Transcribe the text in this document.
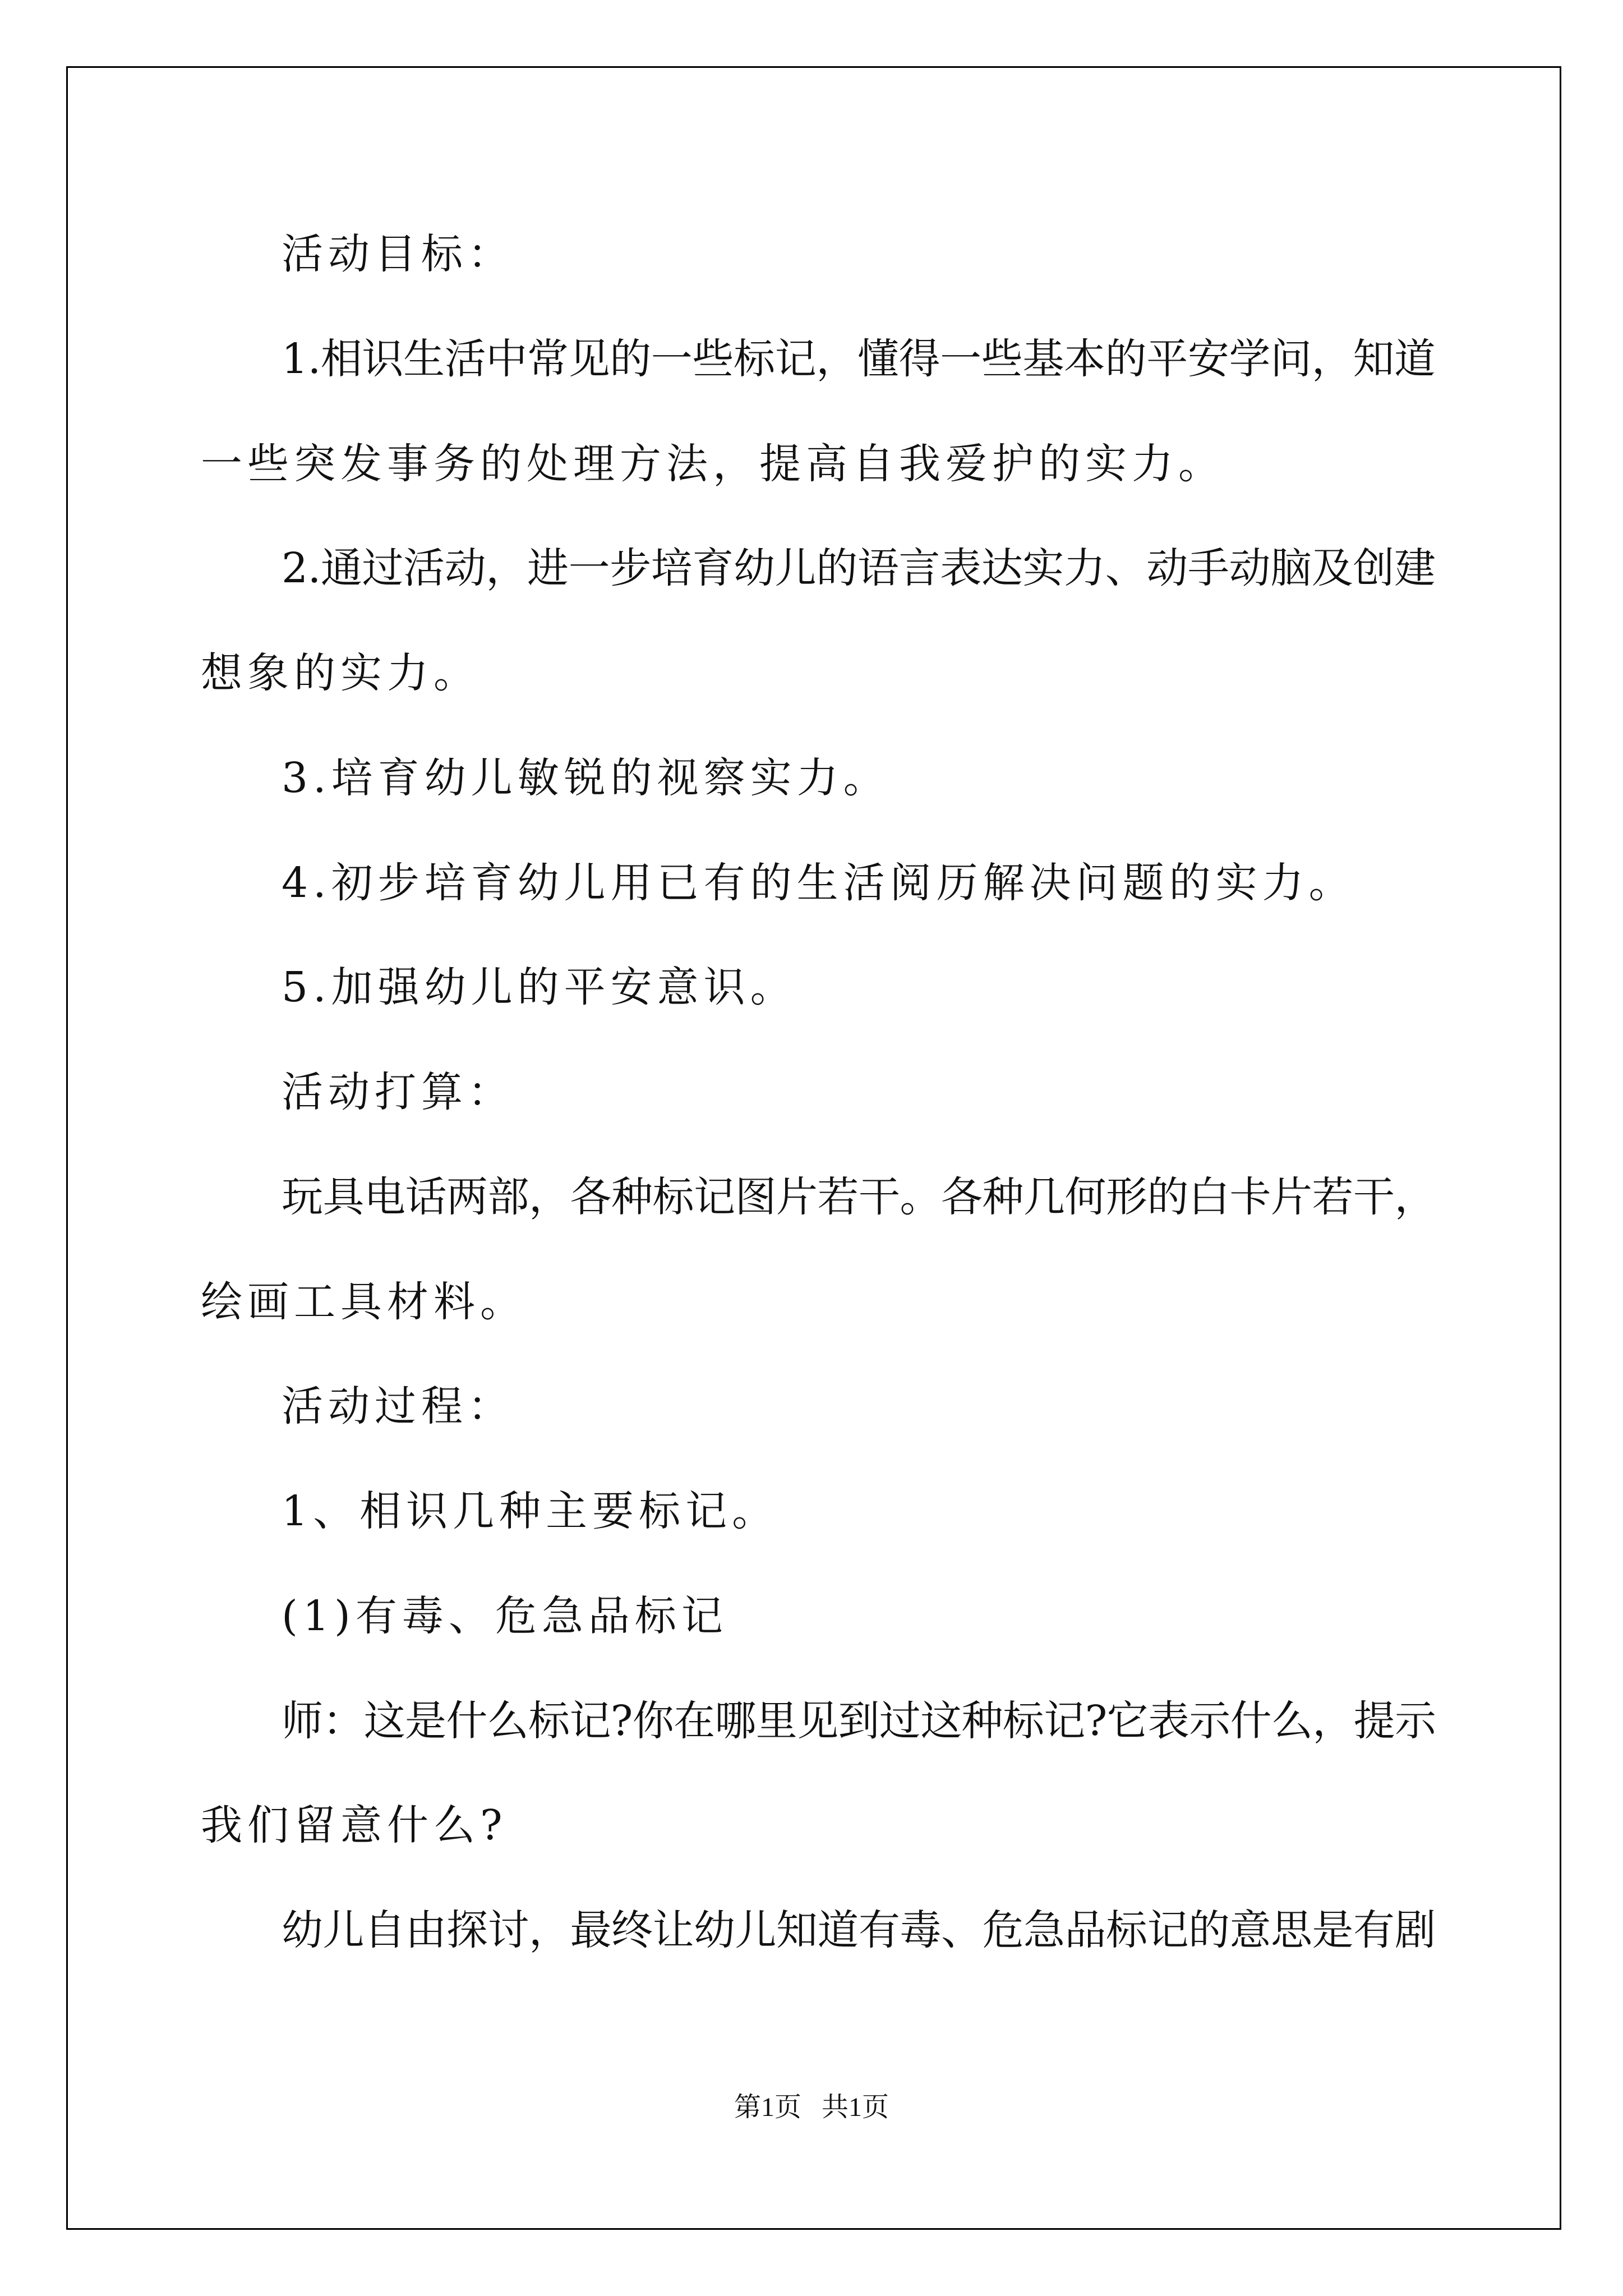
活动目标：
1.相识生活中常见的一些标记，懂得一些基本的平安学问，知道
一些突发事务的处理方法，提高自我爱护的实力。
2.通过活动，进一步培育幼儿的语言表达实力、动手动脑及创建
想象的实力。
3.培育幼儿敏锐的视察实力。
4.初步培育幼儿用已有的生活阅历解决问题的实力。
5.加强幼儿的平安意识。
活动打算：
玩具电话两部，各种标记图片若干。各种几何形的白卡片若干，
绘画工具材料。
活动过程：
1、相识几种主要标记。
(1)有毒、危急品标记
师：这是什么标记?你在哪里见到过这种标记?它表示什么，提示
我们留意什么?
幼儿自由探讨，最终让幼儿知道有毒、危急品标记的意思是有剧
第1页   共1页
